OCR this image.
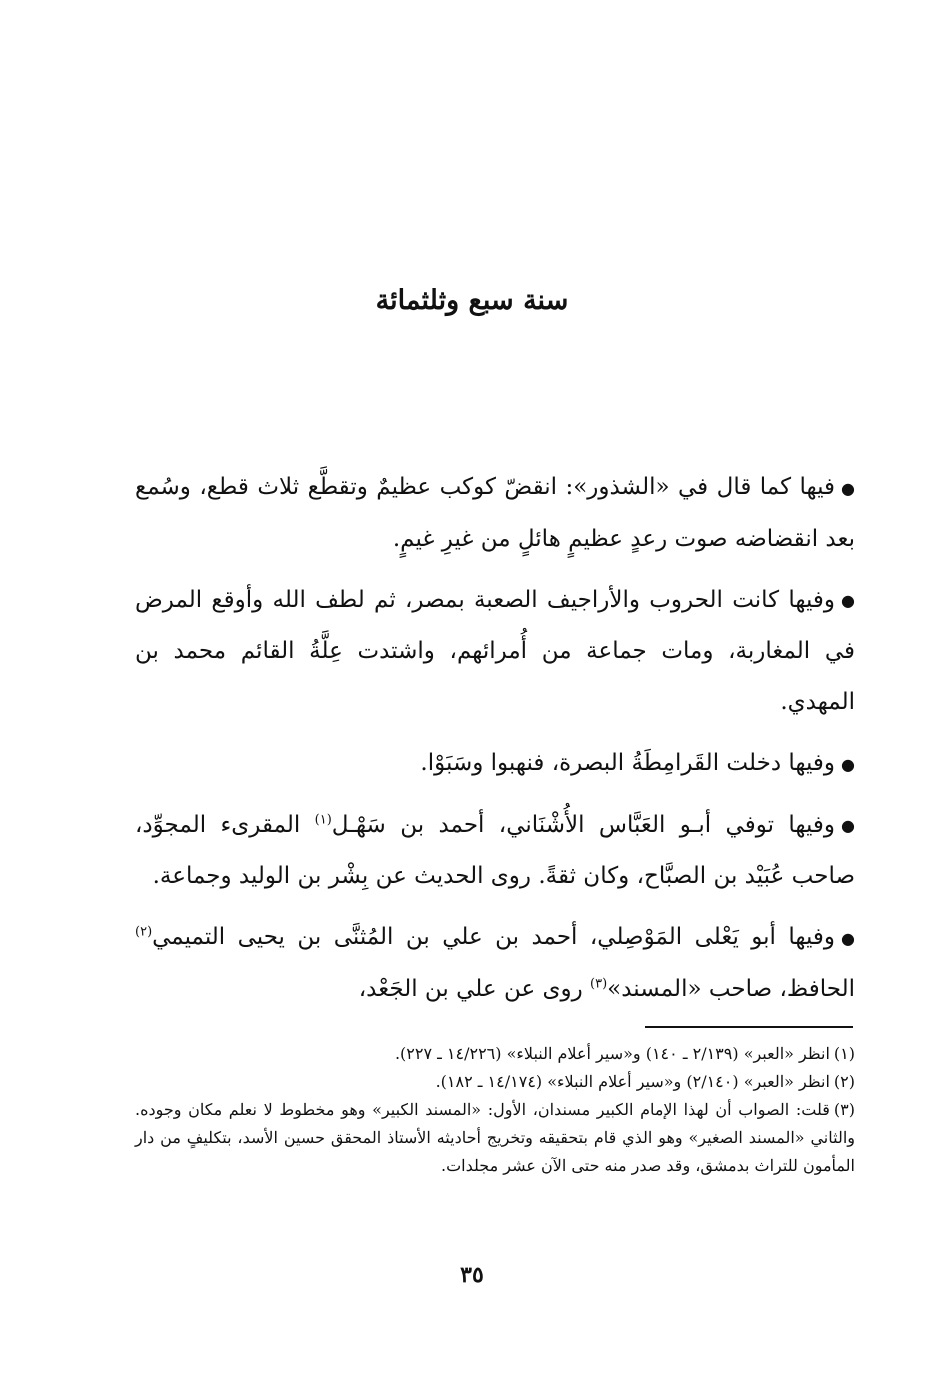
سنة سبع وثلثمائة

●فيها كما قال في «الشذور»: انقضّ كوكب عظيمٌ وتقطَّع ثلاث قطع، وسُمع بعد انقضاضه صوت رعدٍ عظيمٍ هائلٍ من غيرِ غيمٍ.

●وفيها كانت الحروب والأراجيف الصعبة بمصر، ثم لطف الله وأوقع المرض في المغاربة، ومات جماعة من أُمرائهم، واشتدت عِلَّةُ القائم محمد بن المهدي.

●وفيها دخلت القَرامِطَةُ البصرة، فنهبوا وسَبَوْا.

●وفيها توفي أبـو العَبَّاس الأُشْنَاني، أحمد بن سَهْـل$^{(١)}$ المقرىء المجوِّد، صاحب عُبَيْد بن الصبَّاح، وكان ثقةً. روى الحديث عن بِشْر بن الوليد وجماعة.

●وفيها أبو يَعْلى المَوْصِلي، أحمد بن علي بن المُثنَّى بن يحيى التميمي$^{(٢)}$ الحافظ، صاحب «المسند»$^{(٣)}$ روى عن علي بن الجَعْد،

(١)انظر «العبر» (٢/١٣٩ ـ ١٤٠) و«سير أعلام النبلاء» (١٤/٢٢٦ ـ ٢٢٧).

(٢)انظر «العبر» (٢/١٤٠) و«سير أعلام النبلاء» (١٤/١٧٤ ـ ١٨٢).

(٣)قلت: الصواب أن لهذا الإمام الكبير مسندان، الأول: «المسند الكبير» وهو مخطوط لا نعلم مكان وجوده. والثاني «المسند الصغير» وهو الذي قام بتحقيقه وتخريج أحاديثه الأستاذ المحقق حسين الأسد، بتكليفٍ من دار المأمون للتراث بدمشق، وقد صدر منه حتى الآن عشر مجلدات.

٣٥
